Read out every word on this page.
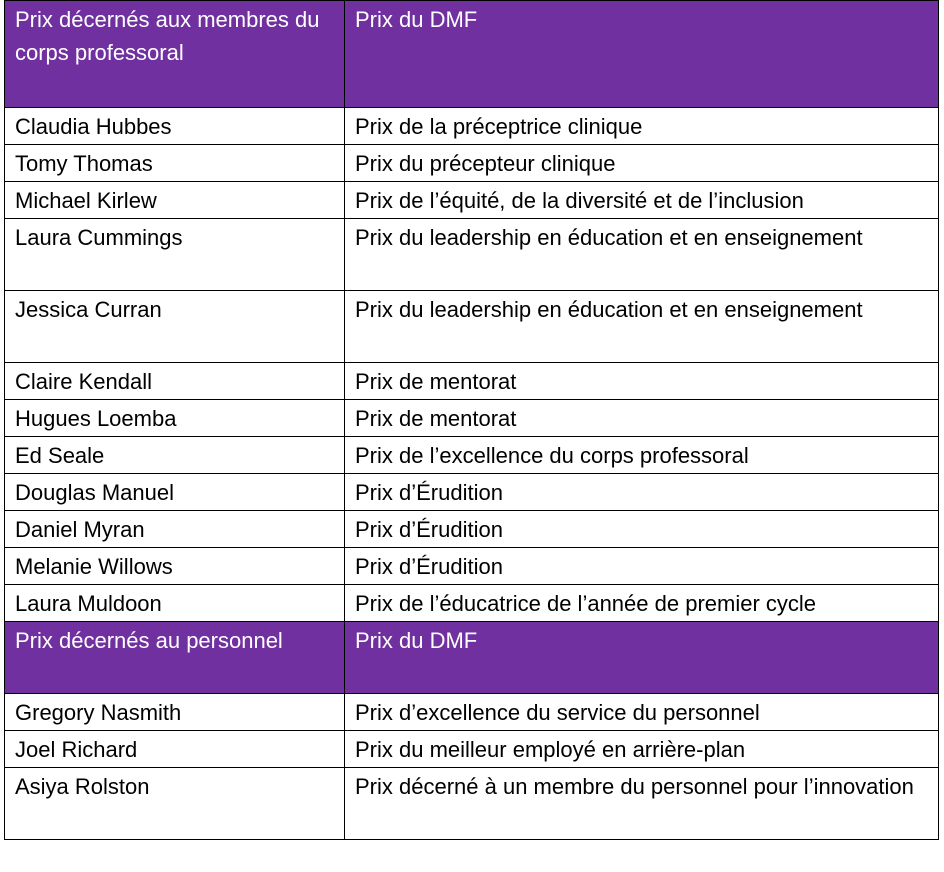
Prix décernés aux membres du corps professoral	Prix du DMF
Claudia Hubbes	Prix de la préceptrice clinique
Tomy Thomas	Prix du précepteur clinique
Michael Kirlew	Prix de l’équité, de la diversité et de l’inclusion
Laura Cummings	Prix du leadership en éducation et en enseignement
Jessica Curran	Prix du leadership en éducation et en enseignement
Claire Kendall	Prix de mentorat
Hugues Loemba	Prix de mentorat
Ed Seale	Prix de l’excellence du corps professoral
Douglas Manuel	Prix d’Érudition
Daniel Myran	Prix d’Érudition
Melanie Willows	Prix d’Érudition
Laura Muldoon	Prix de l’éducatrice de l’année de premier cycle
Prix décernés au personnel	Prix du DMF
Gregory Nasmith	Prix d’excellence du service du personnel
Joel Richard	Prix du meilleur employé en arrière-plan
Asiya Rolston	Prix décerné à un membre du personnel pour l’innovation
